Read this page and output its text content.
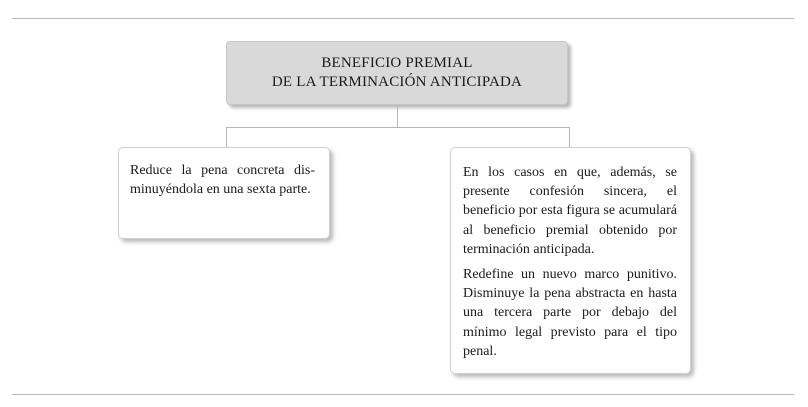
BENEFICIO PREMIAL
DE LA TERMINACIÓN ANTICIPADA

Reduce la pena concreta disminuyéndola en una sexta parte.

En los casos en que, además, se presente confesión sincera, el beneficio por esta figura se acumulará al beneficio premial obtenido por terminación anticipada.

Redefine un nuevo marco punitivo. Disminuye la pena abstracta en hasta una tercera parte por debajo del mínimo legal previsto para el tipo penal.
